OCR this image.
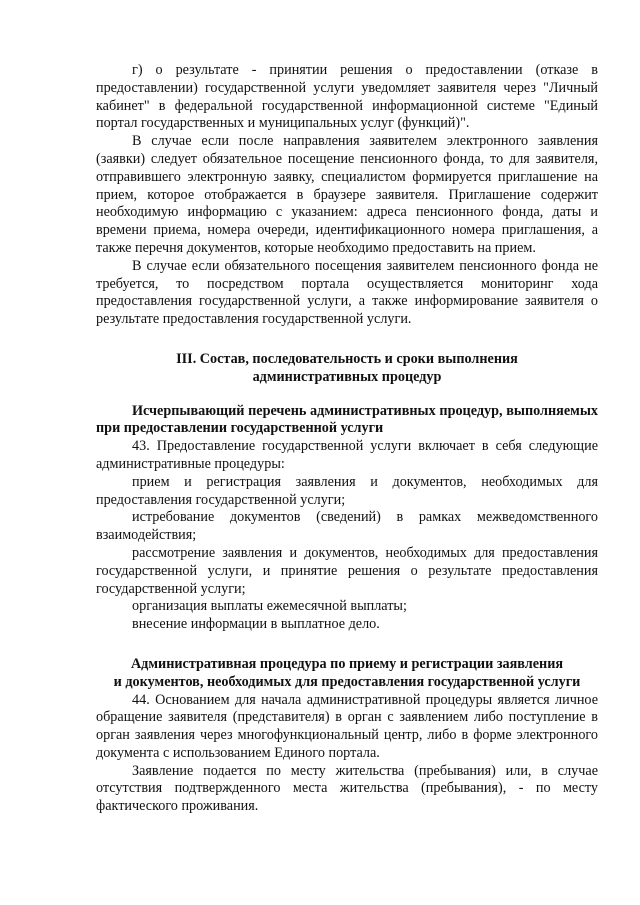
г) о результате - принятии решения о предоставлении (отказе в предоставлении) государственной услуги уведомляет заявителя через "Личный кабинет" в федеральной государственной информационной системе "Единый портал государственных и муниципальных услуг (функций)".

В случае если после направления заявителем электронного заявления (заявки) следует обязательное посещение пенсионного фонда, то для заявителя, отправившего электронную заявку, специалистом формируется приглашение на прием, которое отображается в браузере заявителя. Приглашение содержит необходимую информацию с указанием: адреса пенсионного фонда, даты и времени приема, номера очереди, идентификационного номера приглашения, а также перечня документов, которые необходимо предоставить на прием.

В случае если обязательного посещения заявителем пенсионного фонда не требуется, то посредством портала осуществляется мониторинг хода предоставления государственной услуги, а также информирование заявителя о результате предоставления государственной услуги.

III. Состав, последовательность и сроки выполнения
административных процедур

Исчерпывающий перечень административных процедур, выполняемых при предоставлении государственной услуги

43. Предоставление государственной услуги включает в себя следующие административные процедуры:

прием и регистрация заявления и документов, необходимых для предоставления государственной услуги;

истребование документов (сведений) в рамках межведомственного взаимодействия;

рассмотрение заявления и документов, необходимых для предоставления государственной услуги, и принятие решения о результате предоставления государственной услуги;

организация выплаты ежемесячной выплаты;

внесение информации в выплатное дело.

Административная процедура по приему и регистрации заявления
и документов, необходимых для предоставления государственной услуги

44. Основанием для начала административной процедуры является личное обращение заявителя (представителя) в орган с заявлением либо поступление в орган заявления через многофункциональный центр, либо в форме электронного документа с использованием Единого портала.

Заявление подается по месту жительства (пребывания) или, в случае отсутствия подтвержденного места жительства (пребывания), - по месту фактического проживания.
